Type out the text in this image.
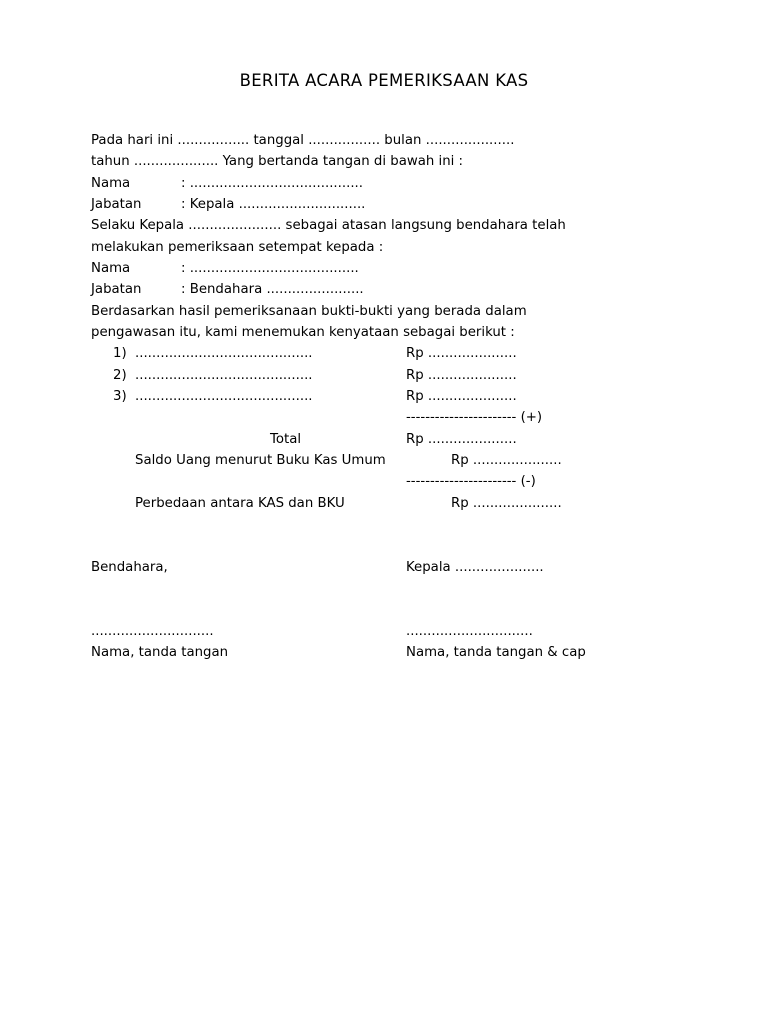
BERITA ACARA PEMERIKSAAN KAS
Pada hari ini ................. tanggal ................. bulan .....................
tahun .................... Yang bertanda tangan di bawah ini :
Nama	: .........................................
Jabatan	: Kepala ..............................
Selaku Kepala ...................... sebagai atasan langsung bendahara telah
melakukan pemeriksaan setempat kepada :
Nama	: ........................................
Jabatan	: Bendahara .......................
Berdasarkan hasil pemeriksanaan bukti-bukti yang berada dalam
pengawasan itu, kami menemukan kenyataan sebagai berikut :
1) ..........................................	Rp .....................
2) ..........................................	Rp .....................
3) ..........................................	Rp .....................
----------------------- (+)
Total	Rp .....................
Saldo Uang menurut Buku Kas Umum	Rp .....................
----------------------- (-)
Perbedaan antara KAS dan BKU	Rp .....................
Bendahara,	Kepala .....................
.............................	..............................
Nama, tanda tangan	Nama, tanda tangan & cap
